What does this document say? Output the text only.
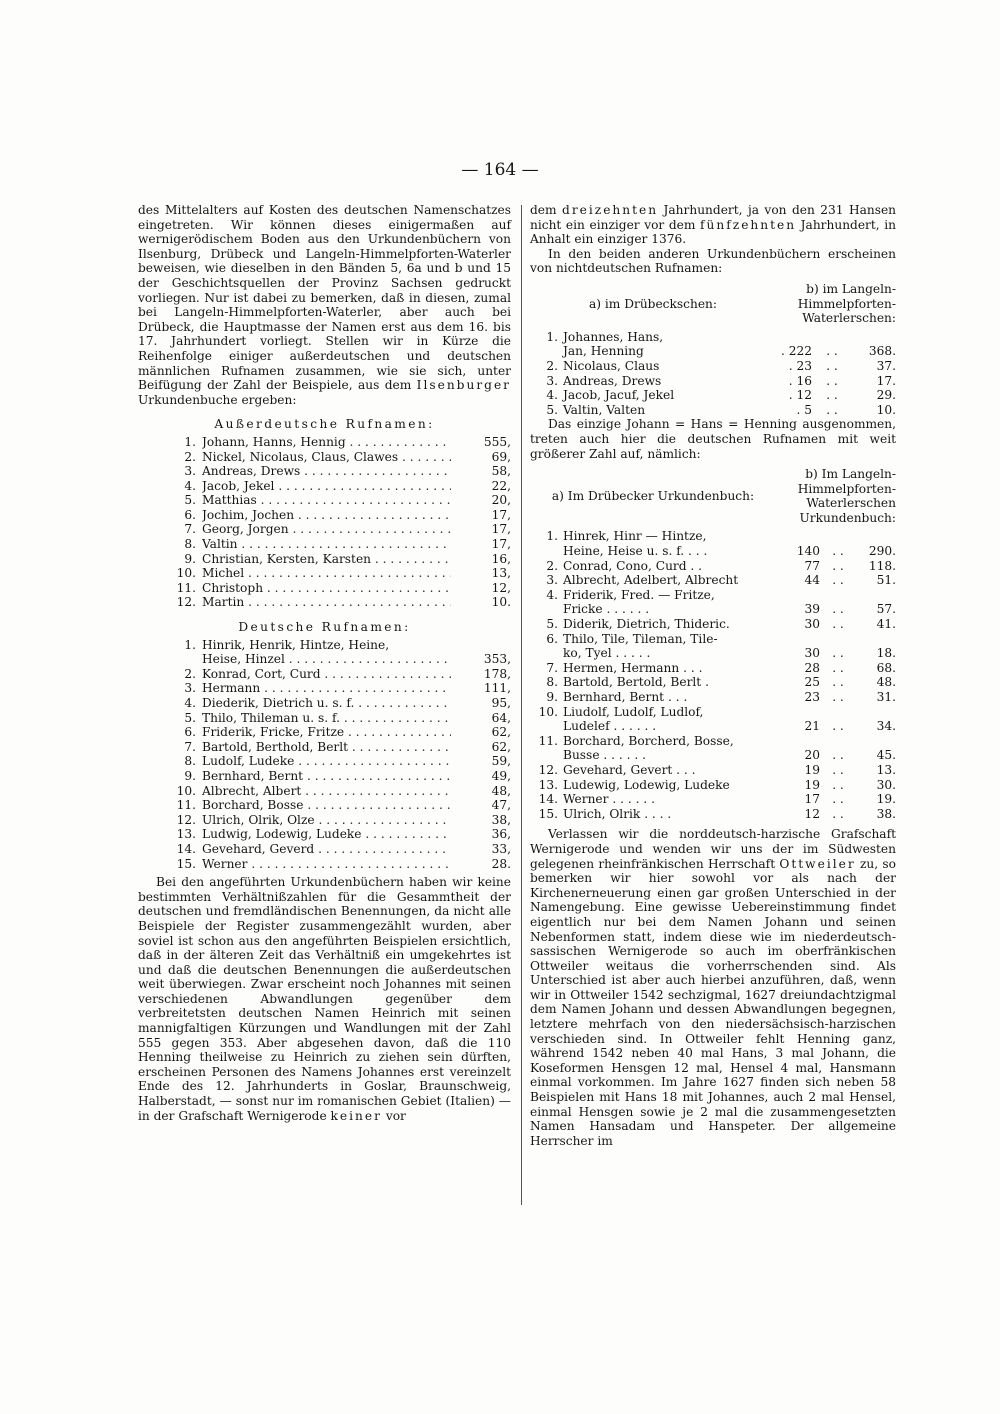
— 164 —

des Mittelalters auf Kosten des deutschen Namenschatzes eingetreten. Wir können dieses einigermaßen auf wernigerödischem Boden aus den Urkundenbüchern von Ilsenburg, Drübeck und Langeln-Himmelpforten-Waterler beweisen, wie dieselben in den Bänden 5, 6a und b und 15 der Geschichtsquellen der Provinz Sachsen gedruckt vorliegen. Nur ist dabei zu bemerken, daß in diesen, zumal bei Langeln-Himmelpforten-Waterler, aber auch bei Drübeck, die Hauptmasse der Namen erst aus dem 16. bis 17. Jahrhundert vorliegt. Stellen wir in Kürze die Reihenfolge einiger außerdeutschen und deutschen männlichen Rufnamen zusammen, wie sie sich, unter Beifügung der Zahl der Beispiele, aus dem Ilsenburger Urkundenbuche ergeben:

Außerdeutsche Rufnamen:
1. Johann, Hanns, Hennig . . .	555,
2. Nickel, Nicolaus, Claus, Clawes . . .	69,
3. Andreas, Drews . . .	58,
4. Jacob, Jekel . . .	22,
5. Matthias . . .	20,
6. Jochim, Jochen . . .	17,
7. Georg, Jorgen . . .	17,
8. Valtin . . .	17,
9. Christian, Kersten, Karsten . . .	16,
10. Michel . . .	13,
11. Christoph . . .	12,
12. Martin . . .	10.
Deutsche Rufnamen:
1. Hinrik, Henrik, Hintze, Heine,
Heise, Hinzel . . .	353,
2. Konrad, Cort, Curd . . .	178,
3. Hermann . . .	111,
4. Diederik, Dietrich u. s. f. . . .	95,
5. Thilo, Thileman u. s. f. . . .	64,
6. Friderik, Fricke, Fritze . . .	62,
7. Bartold, Berthold, Berlt . . .	62,
8. Ludolf, Ludeke . . .	59,
9. Bernhard, Bernt . . .	49,
10. Albrecht, Albert . . .	48,
11. Borchard, Bosse . . .	47,
12. Ulrich, Olrik, Olze . . .	38,
13. Ludwig, Lodewig, Ludeke . . .	36,
14. Gevehard, Geverd . . .	33,
15. Werner . . .	28.

Bei den angeführten Urkundenbüchern haben wir keine bestimmten Verhältnißzahlen für die Gesammtheit der deutschen und fremdländischen Benennungen, da nicht alle Beispiele der Register zusammengezählt wurden, aber soviel ist schon aus den angeführten Beispielen ersichtlich, daß in der älteren Zeit das Verhältniß ein umgekehrtes ist und daß die deutschen Benennungen die außerdeutschen weit überwiegen. Zwar erscheint noch Johannes mit seinen verschiedenen Abwandlungen gegenüber dem verbreitetsten deutschen Namen Heinrich mit seinen mannigfaltigen Kürzungen und Wandlungen mit der Zahl 555 gegen 353. Aber abgesehen davon, daß die 110 Henning theilweise zu Heinrich zu ziehen sein dürften, erscheinen Personen des Namens Johannes erst vereinzelt Ende des 12. Jahrhunderts in Goslar, Braunschweig, Halberstadt, — sonst nur im romanischen Gebiet (Italien) — in der Grafschaft Wernigerode keiner vor

dem dreizehnten Jahrhundert, ja von den 231 Hansen nicht ein einziger vor dem fünfzehnten Jahrhundert, in Anhalt ein einziger 1376.

In den beiden anderen Urkundenbüchern erscheinen von nichtdeutschen Rufnamen:

a) im Drübeckschen:
b) im Langeln-Himmelpforten-Waterlerschen:
1. Johannes, Hans,
Jan, Henning	. 222	. .	368.
2. Nicolaus, Claus	. 23	. .	37.
3. Andreas, Drews	. 16	. .	17.
4. Jacob, Jacuf, Jekel	. 12	. .	29.
5. Valtin, Valten	. 5	. .	10.

Das einzige Johann = Hans = Henning ausgenommen, treten auch hier die deutschen Rufnamen mit weit größerer Zahl auf, nämlich:

a) Im Drübecker Urkundenbuch:
b) Im Langeln-Himmelpforten-Waterlerschen Urkundenbuch:
1. Hinrek, Hinr — Hintze,
Heine, Heise u. s. f. . . .	140 . .	290.
2. Conrad, Cono, Curd . .	77 . .	118.
3. Albrecht, Adelbert, Albrecht	44 . .	51.
4. Friderik, Fred. — Fritze,
Fricke . . . . . .	39 . .	57.
5. Diderik, Dietrich, Thideric.	30 . .	41.
6. Thilo, Tile, Tileman, Tile-
ko, Tyel . . . . .	30 . .	18.
7. Hermen, Hermann . . .	28 . .	68.
8. Bartold, Bertold, Berlt .	25 . .	48.
9. Bernhard, Bernt . . .	23 . .	31.
10. Liudolf, Ludolf, Ludlof,
Ludelef . . . . . .	21 . .	34.
11. Borchard, Borcherd, Bosse,
Busse . . . . . .	20 . .	45.
12. Gevehard, Gevert . . .	19 . .	13.
13. Ludewig, Lodewig, Ludeke	19 . .	30.
14. Werner . . . . . .	17 . .	19.
15. Ulrich, Olrik . . . .	12 . .	38.

Verlassen wir die norddeutsch-harzische Grafschaft Wernigerode und wenden wir uns der im Südwesten gelegenen rheinfränkischen Herrschaft Ottweiler zu, so bemerken wir hier sowohl vor als nach der Kirchenerneuerung einen gar großen Unterschied in der Namengebung. Eine gewisse Uebereinstimmung findet eigentlich nur bei dem Namen Johann und seinen Nebenformen statt, indem diese wie im niederdeutsch-sassischen Wernigerode so auch im oberfränkischen Ottweiler weitaus die vorherrschenden sind. Als Unterschied ist aber auch hierbei anzuführen, daß, wenn wir in Ottweiler 1542 sechzigmal, 1627 dreiundachtzigmal dem Namen Johann und dessen Abwandlungen begegnen, letztere mehrfach von den niedersächsisch-harzischen verschieden sind. In Ottweiler fehlt Henning ganz, während 1542 neben 40 mal Hans, 3 mal Johann, die Koseformen Hensgen 12 mal, Hensel 4 mal, Hansmann einmal vorkommen. Im Jahre 1627 finden sich neben 58 Beispielen mit Hans 18 mit Johannes, auch 2 mal Hensel, einmal Hensgen sowie je 2 mal die zusammengesetzten Namen Hansadam und Hanspeter. Der allgemeine Herrscher im
